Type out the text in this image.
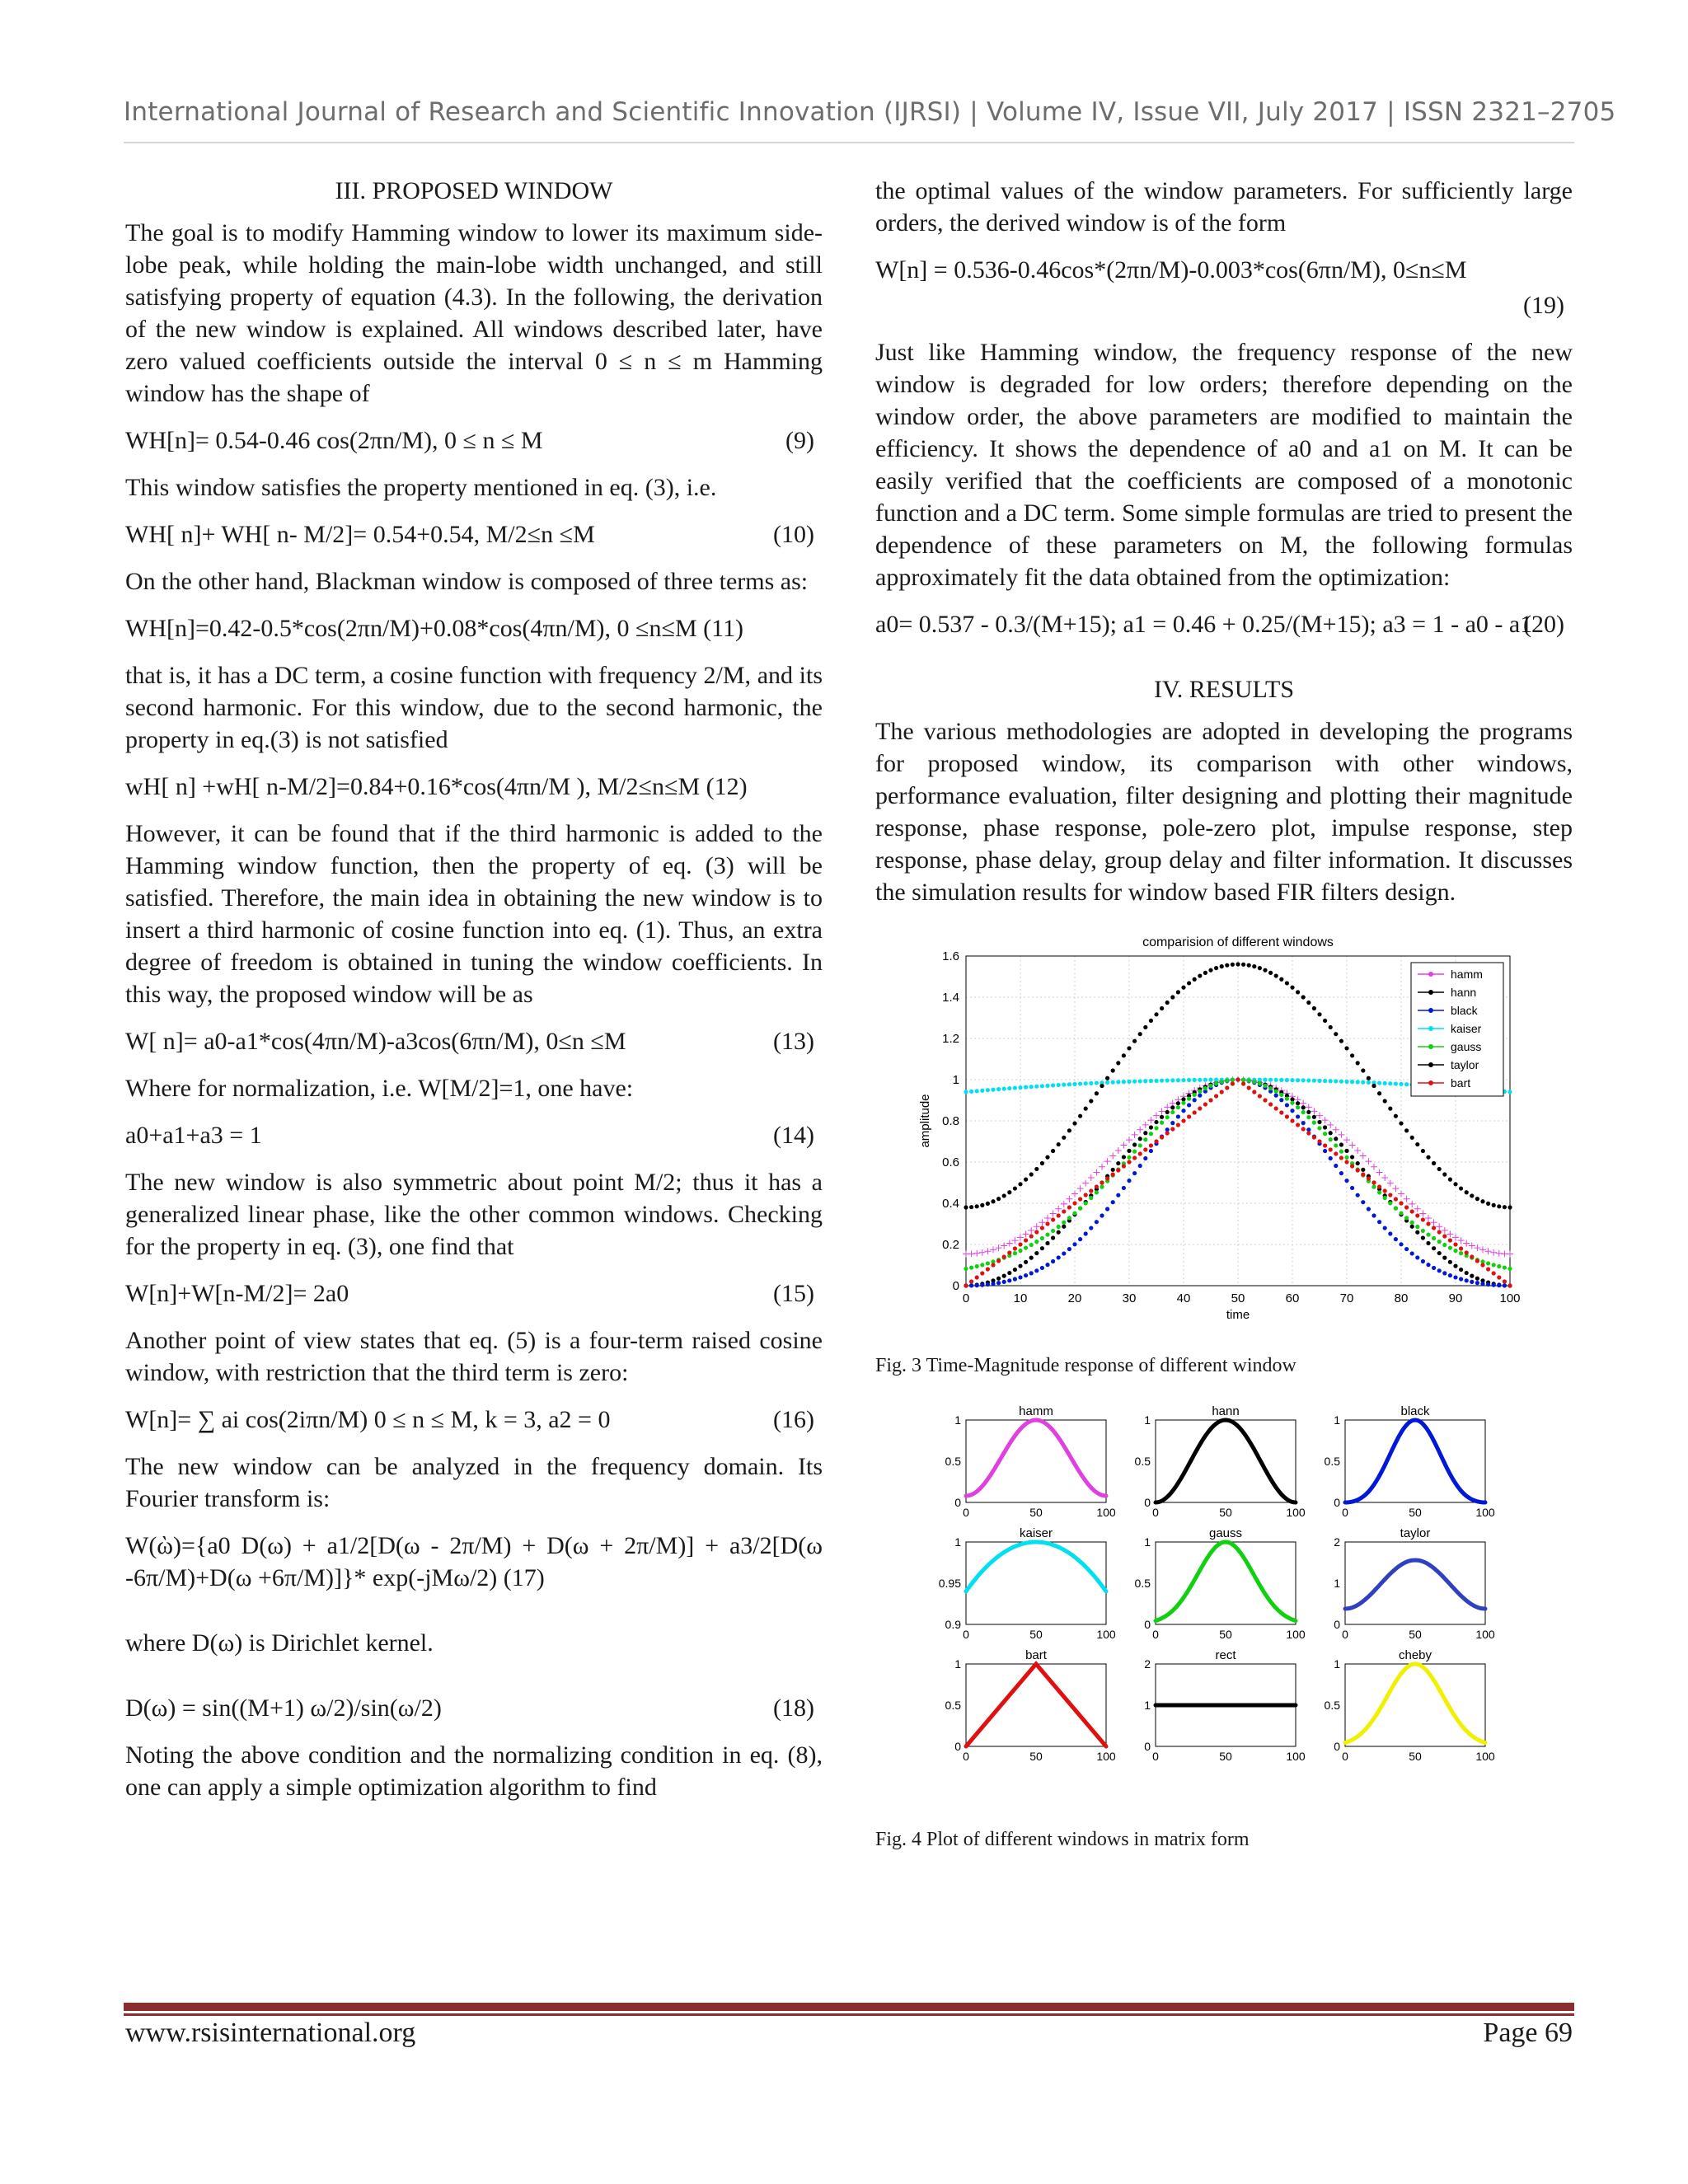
International Journal of Research and Scientific Innovation (IJRSI) | Volume IV, Issue VII, July 2017 | ISSN 2321–2705
III. PROPOSED WINDOW

The goal is to modify Hamming window to lower its maximum side-lobe peak, while holding the main-lobe width unchanged, and still satisfying property of equation (4.3). In the following, the derivation of the new window is explained. All windows described later, have zero valued coefficients outside the interval 0 ≤ n ≤ m Hamming window has the shape of

WH[n]= 0.54-0.46 cos(2πn/M), 0 ≤ n ≤ M	(9)

This window satisfies the property mentioned in eq. (3), i.e.

WH[ n]+ WH[ n- M/2]= 0.54+0.54, M/2≤n ≤M	(10)

On the other hand, Blackman window is composed of three terms as:

WH[n]=0.42-0.5*cos(2πn/M)+0.08*cos(4πn/M), 0 ≤n≤M (11)

that is, it has a DC term, a cosine function with frequency 2/M, and its second harmonic. For this window, due to the second harmonic, the property in eq.(3) is not satisfied

wH[ n] +wH[ n-M/2]=0.84+0.16*cos(4πn/M ), M/2≤n≤M (12)

However, it can be found that if the third harmonic is added to the Hamming window function, then the property of eq. (3) will be satisfied. Therefore, the main idea in obtaining the new window is to insert a third harmonic of cosine function into eq. (1). Thus, an extra degree of freedom is obtained in tuning the window coefficients. In this way, the proposed window will be as

W[ n]= a0-a1*cos(4πn/M)-a3cos(6πn/M), 0≤n ≤M	(13)

Where for normalization, i.e. W[M/2]=1, one have:

a0+a1+a3 = 1	(14)

The new window is also symmetric about point M/2; thus it has a generalized linear phase, like the other common windows. Checking for the property in eq. (3), one find that

W[n]+W[n-M/2]= 2a0	(15)

Another point of view states that eq. (5) is a four-term raised cosine window, with restriction that the third term is zero:

W[n]= ∑ ai cos(2iπn/M) 0 ≤ n ≤ M, k = 3, a2 = 0	(16)

The new window can be analyzed in the frequency domain. Its Fourier transform is:

W(ὼ)={a0 D(ω) + a1/2[D(ω - 2π/M) + D(ω + 2π/M)] + a3/2[D(ω -6π/M)+D(ω +6π/M)]}* exp(-jMω/2) (17)

where D(ω) is Dirichlet kernel.

D(ω) = sin((M+1) ω/2)/sin(ω/2)	(18)

Noting the above condition and the normalizing condition in eq. (8), one can apply a simple optimization algorithm to find

the optimal values of the window parameters. For sufficiently large orders, the derived window is of the form

W[n] = 0.536-0.46cos*(2πn/M)-0.003*cos(6πn/M), 0≤n≤M

(19)

Just like Hamming window, the frequency response of the new window is degraded for low orders; therefore depending on the window order, the above parameters are modified to maintain the efficiency. It shows the dependence of a0 and a1 on M. It can be easily verified that the coefficients are composed of a monotonic function and a DC term. Some simple formulas are tried to present the dependence of these parameters on M, the following formulas approximately fit the data obtained from the optimization:

a0= 0.537 - 0.3/(M+15); a1 = 0.46 + 0.25/(M+15); a3 = 1 - a0 - a1
(20)
IV. RESULTS

The various methodologies are adopted in developing the programs for proposed window, its comparison with other windows, performance evaluation, filter designing and plotting their magnitude response, phase response, pole-zero plot, impulse response, step response, phase delay, group delay and filter information. It discusses the simulation results for window based FIR filters design.

comparision of different windows
0	10	20	30	40	50	60	70	80	90	100
0
0.2
0.4
0.6
0.8
1
1.2
1.4
1.6
time
amplitude
hamm
hann
black
kaiser
gauss
taylor
bart

Fig. 3 Time-Magnitude response of different window

hamm
0	50	100
0
0.5
1
hann
0	50	100
0
0.5
1
black
0	50	100
0
0.5
1
kaiser
0	50	100
0.9
0.95
1
gauss
0	50	100
0
0.5
1
taylor
0	50	100
0
1
2
bart
0	50	100
0
0.5
1
rect
0	50	100
0
1
2
cheby
0	50	100
0
0.5
1

Fig. 4 Plot of different windows in matrix form

www.rsisinternational.org	Page 69
